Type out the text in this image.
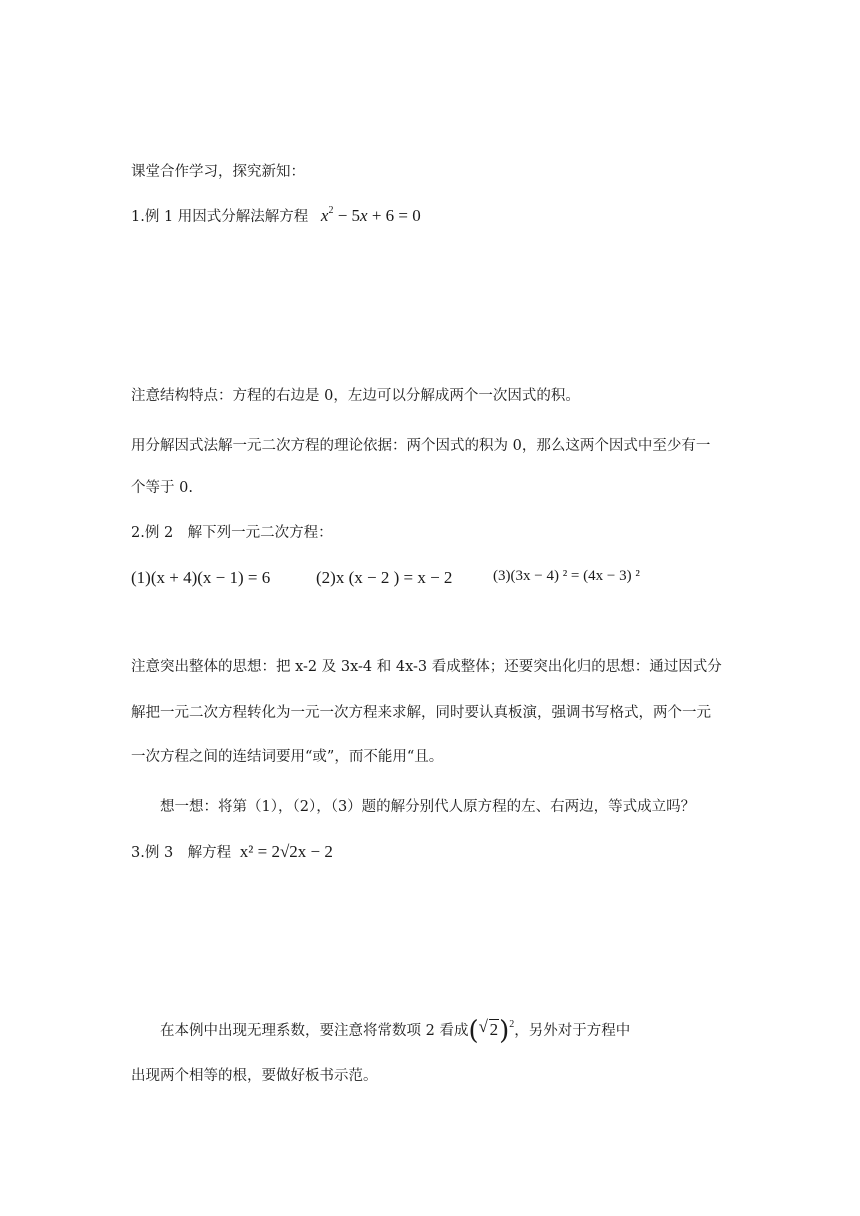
课堂合作学习，探究新知：
1.例 1 用因式分解法解方程 $x^2 - 5x + 6 = 0$
注意结构特点：方程的右边是 0，左边可以分解成两个一次因式的积。
用分解因式法解一元二次方程的理论依据：两个因式的积为 0，那么这两个因式中至少有一
个等于 0.
2.例 2　解下列一元二次方程：
(1)(x + 4)(x − 1) = 6	(2)x (x − 2 ) = x − 2	(3)(3x − 4) ² = (4x − 3) ²
注意突出整体的思想：把 x-2 及 3x-4 和 4x-3 看成整体；还要突出化归的思想：通过因式分
解把一元二次方程转化为一元一次方程来求解，同时要认真板演，强调书写格式，两个一元
一次方程之间的连结词要用“或”，而不能用“且。
想一想：将第（1），（2），（3）题的解分别代人原方程的左、右两边，等式成立吗？
3.例 3　解方程 x² = 2√2x − 2
在本例中出现无理系数，要注意将常数项 2 看成( √ 2)$^2$，另外对于方程中
出现两个相等的根，要做好板书示范。
